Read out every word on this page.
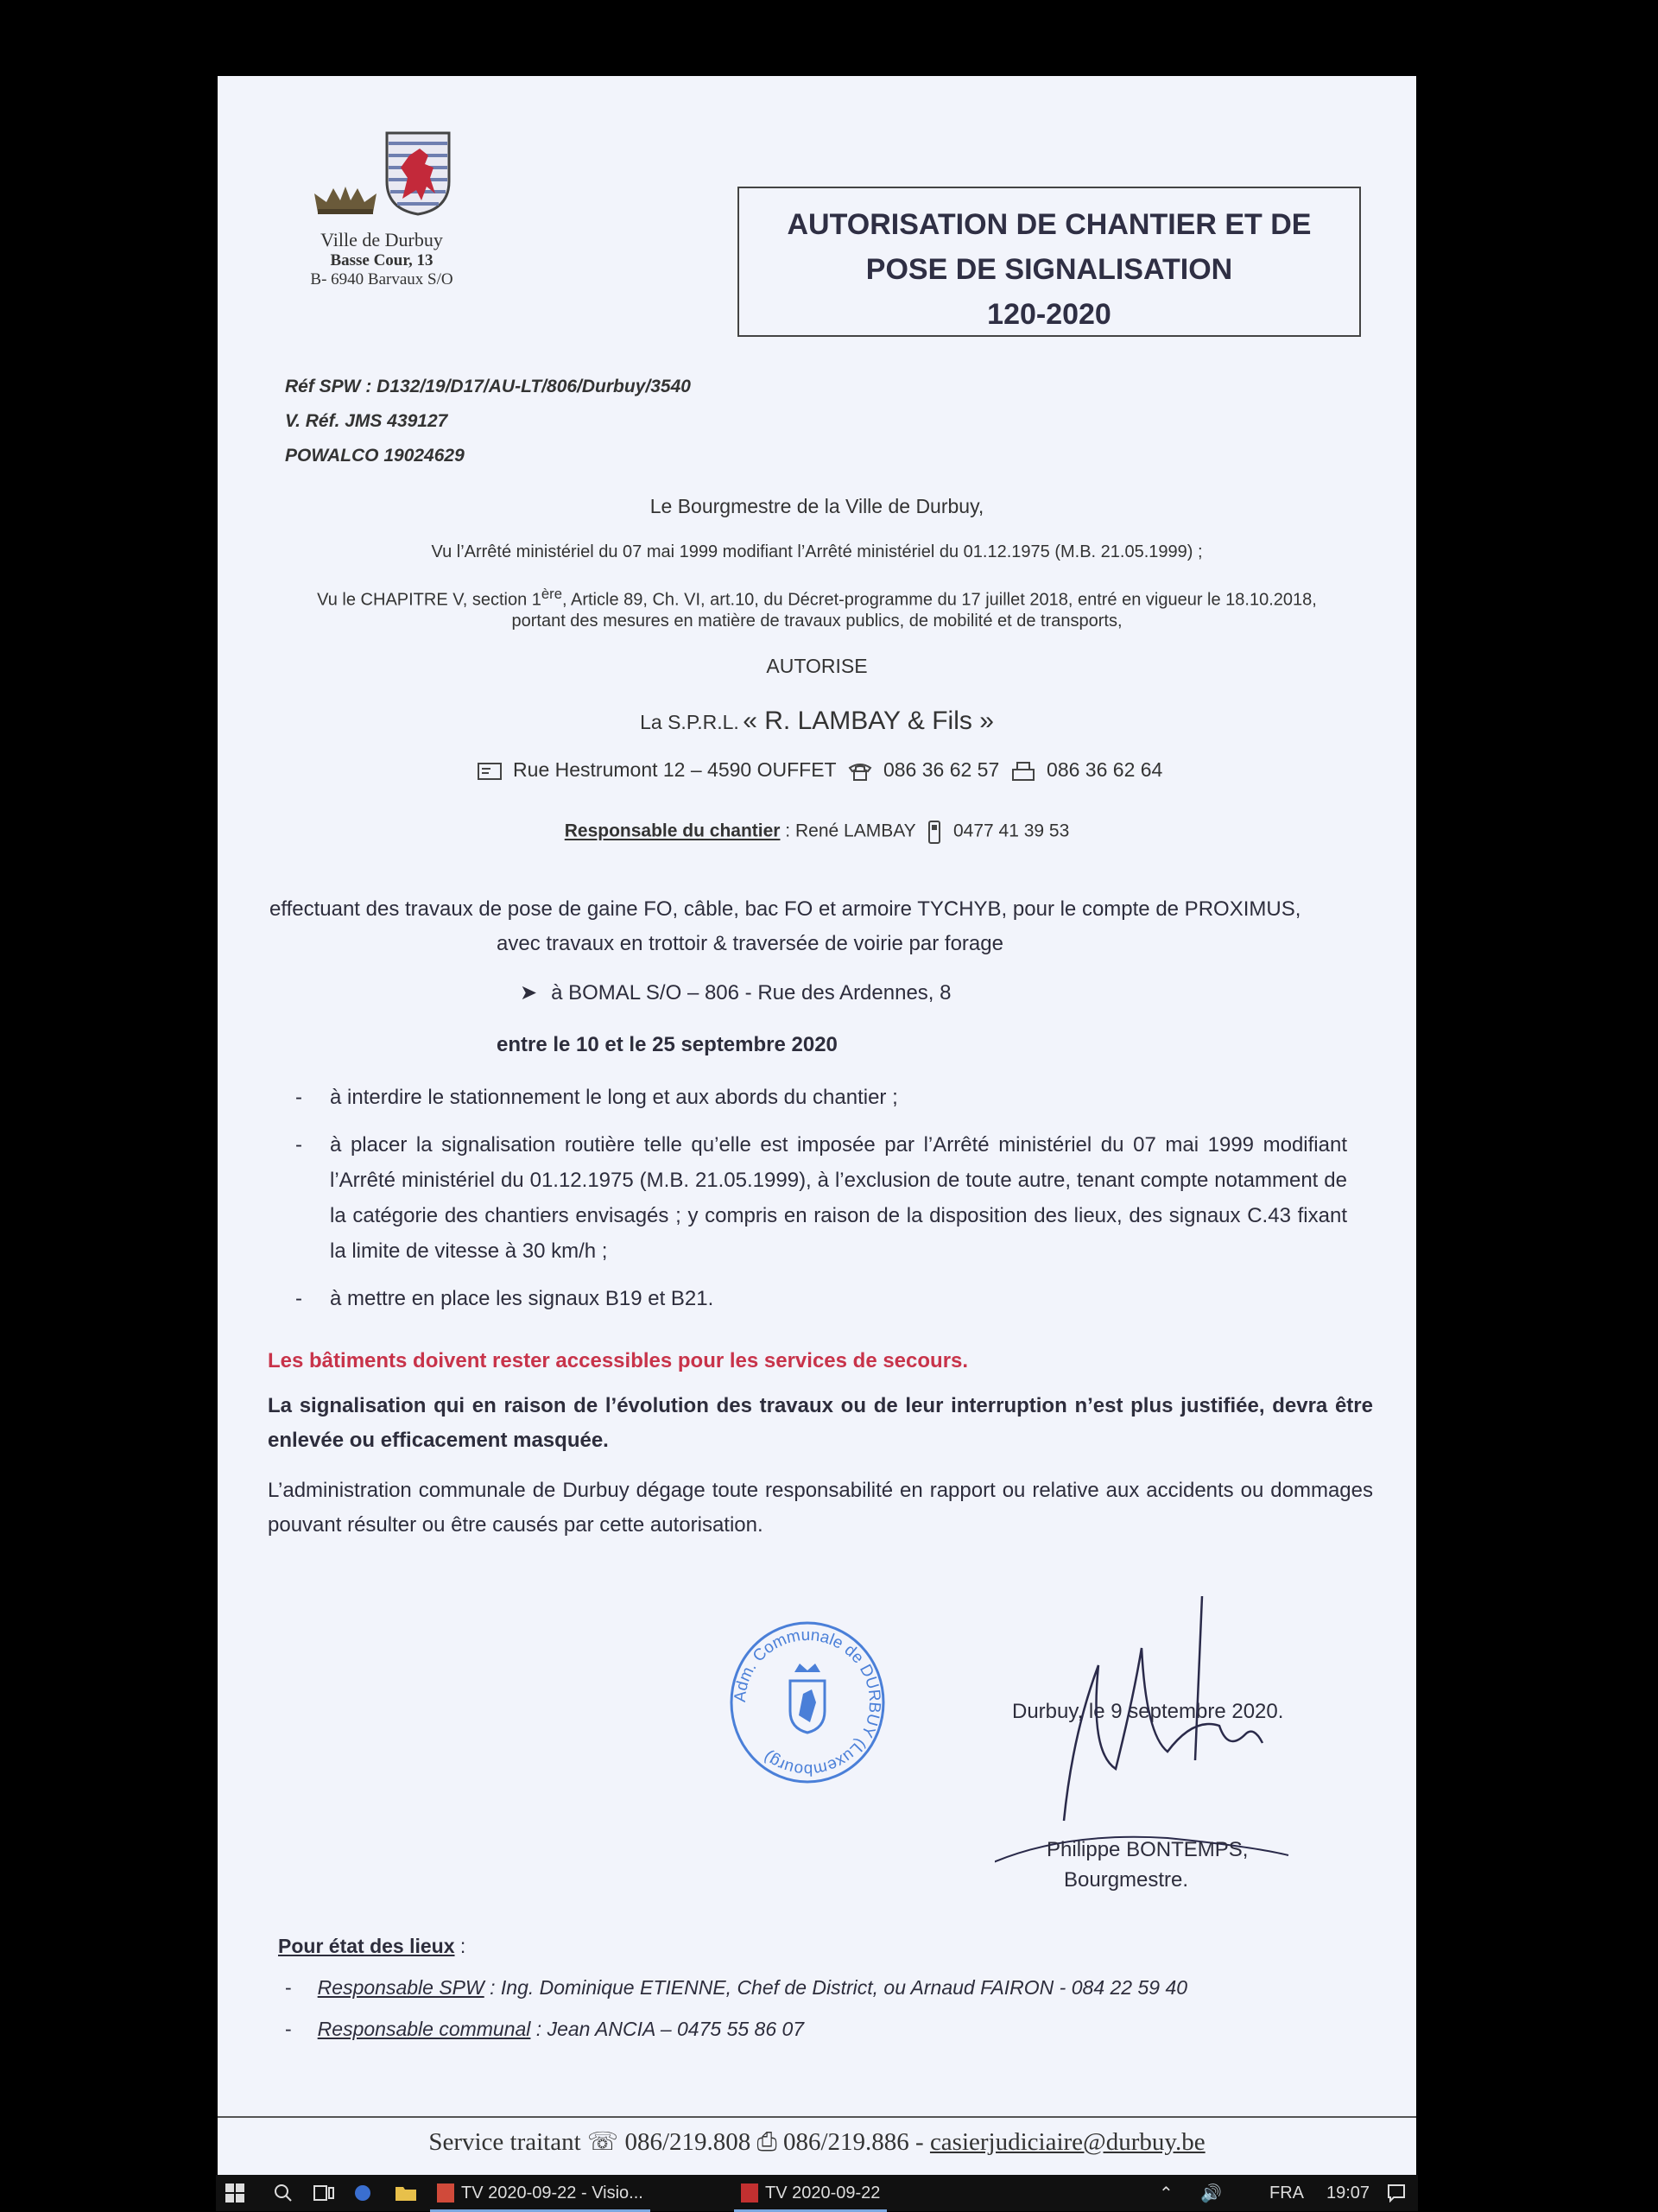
Ville de Durbuy
Basse Cour, 13
B- 6940 Barvaux S/O
AUTORISATION DE CHANTIER ET DE
POSE DE SIGNALISATION
120-2020
Réf SPW : D132/19/D17/AU-LT/806/Durbuy/3540
V. Réf. JMS 439127
POWALCO 19024629
Le Bourgmestre de la Ville de Durbuy,
Vu l’Arrêté ministériel du 07 mai 1999 modifiant l’Arrêté ministériel du 01.12.1975 (M.B. 21.05.1999) ;
Vu le CHAPITRE V, section 1ère, Article 89, Ch. VI, art.10, du Décret-programme du 17 juillet 2018, entré en vigueur le 18.10.2018,
portant des mesures en matière de travaux publics, de mobilité et de transports,
AUTORISE
La S.P.R.L. « R. LAMBAY & Fils »
Rue Hestrumont 12 – 4590 OUFFET 086 36 62 57 086 36 62 64
Responsable du chantier : René LAMBAY 0477 41 39 53
effectuant des travaux de pose de gaine FO, câble, bac FO et armoire TYCHYB, pour le compte de PROXIMUS,
avec travaux en trottoir & traversée de voirie par forage
➤ à BOMAL S/O – 806 - Rue des Ardennes, 8
entre le 10 et le 25 septembre 2020
-	à interdire le stationnement le long et aux abords du chantier ;
-	à placer la signalisation routière telle qu’elle est imposée par l’Arrêté ministériel du 07 mai 1999 modifiant l’Arrêté ministériel du 01.12.1975 (M.B. 21.05.1999), à l’exclusion de toute autre, tenant compte notamment de la catégorie des chantiers envisagés ; y compris en raison de la disposition des lieux, des signaux C.43 fixant la limite de vitesse à 30 km/h ;
-	à mettre en place les signaux B19 et B21.
Les bâtiments doivent rester accessibles pour les services de secours.
La signalisation qui en raison de l’évolution des travaux ou de leur interruption n’est plus justifiée, devra être enlevée ou efficacement masquée.
L’administration communale de Durbuy dégage toute responsabilité en rapport ou relative aux accidents ou dommages pouvant résulter ou être causés par cette autorisation.
Adm. Communale de DURBUY (Luxembourg)
Durbuy, le 9 septembre 2020.
Philippe BONTEMPS,
Bourgmestre.
Pour état des lieux :
- Responsable SPW : Ing. Dominique ETIENNE, Chef de District, ou Arnaud FAIRON - 084 22 59 40
- Responsable communal : Jean ANCIA – 0475 55 86 07
Service traitant ☏ 086/219.808 ⎙ 086/219.886 - casierjudiciaire@durbuy.be
TV 2020-09-22 - Visio...	TV 2020-09-22	⌃ 🔊	FRA 19:07
